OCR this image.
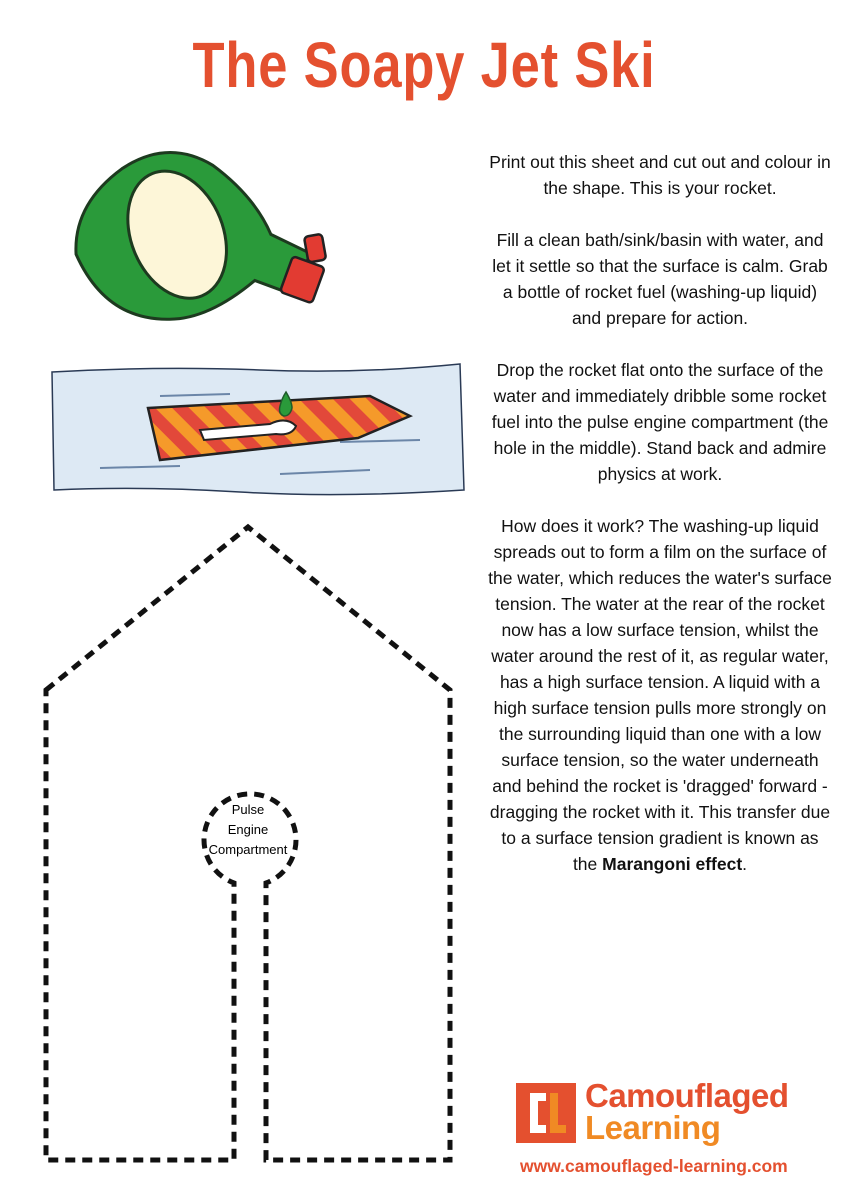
The Soapy Jet Ski
Pulse
Engine
Compartment

Print out this sheet and cut out and colour in the shape. This is your rocket.

Fill a clean bath/sink/basin with water, and let it settle so that the surface is calm. Grab a bottle of rocket fuel (washing-up liquid) and prepare for action.

Drop the rocket flat onto the surface of the water and immediately dribble some rocket fuel into the pulse engine compartment (the hole in the middle). Stand back and admire physics at work.

How does it work? The washing-up liquid spreads out to form a film on the surface of the water, which reduces the water's surface tension. The water at the rear of the rocket now has a low surface tension, whilst the water around the rest of it, as regular water, has a high surface tension. A liquid with a high surface tension pulls more strongly on the surrounding liquid than one with a low surface tension, so the water underneath and behind the rocket is 'dragged' forward - dragging the rocket with it. This transfer due to a surface tension gradient is known as the Marangoni effect.

Camouflaged
Learning
www.camouflaged-learning.com
